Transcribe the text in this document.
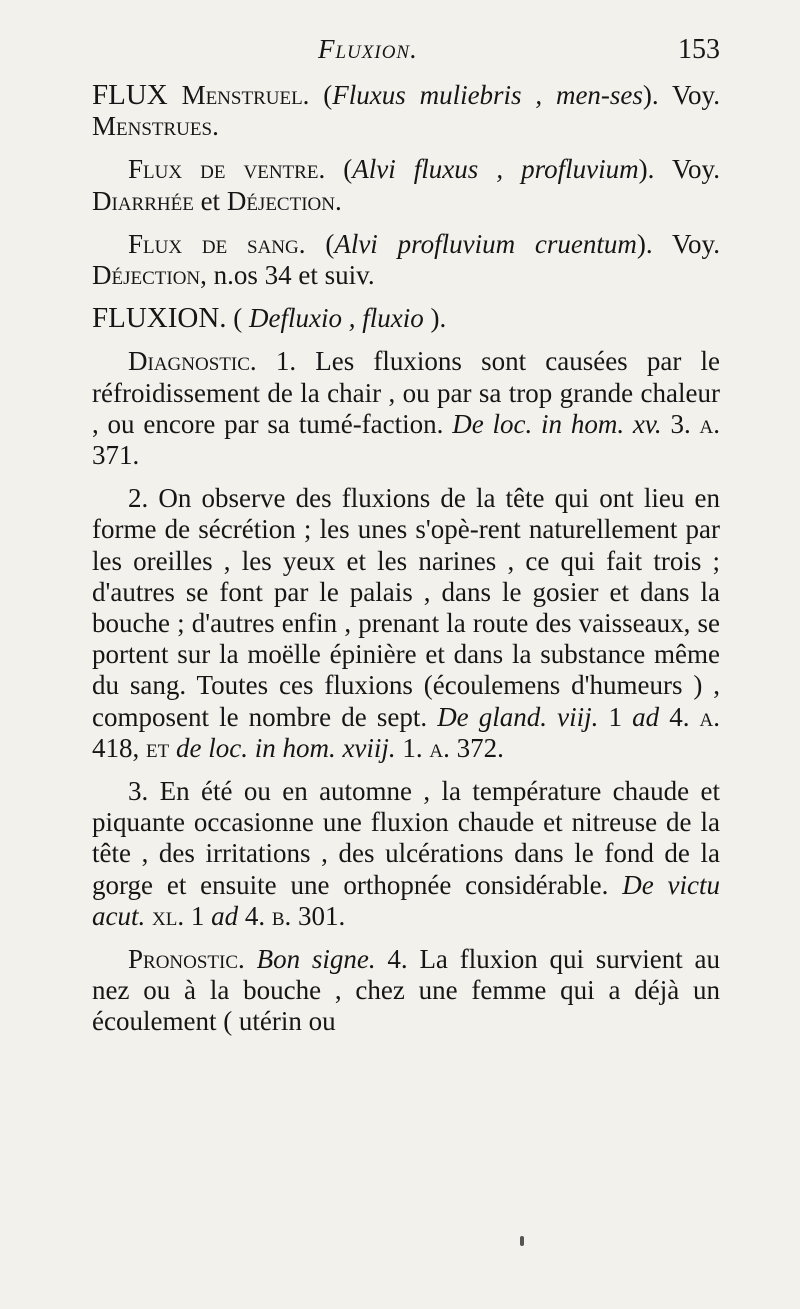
Fluxion.	153

FLUX Menstruel. (Fluxus muliebris , men-ses). Voy. Menstrues.

Flux de ventre. (Alvi fluxus , profluvium). Voy. Diarrhée et Déjection.

Flux de sang. (Alvi profluvium cruentum). Voy. Déjection, n.os 34 et suiv.

FLUXION. ( Defluxio , fluxio ).

Diagnostic. 1. Les fluxions sont causées par le réfroidissement de la chair , ou par sa trop grande chaleur , ou encore par sa tumé-faction. De loc. in hom. xv. 3. a. 371.

2. On observe des fluxions de la tête qui ont lieu en forme de sécrétion ; les unes s'opè-rent naturellement par les oreilles , les yeux et les narines , ce qui fait trois ; d'autres se font par le palais , dans le gosier et dans la bouche ; d'autres enfin , prenant la route des vaisseaux, se portent sur la moëlle épinière et dans la substance même du sang. Toutes ces fluxions (écoulemens d'humeurs ) , composent le nombre de sept. De gland. viij. 1 ad 4. a. 418, et de loc. in hom. xviij. 1. a. 372.

3. En été ou en automne , la température chaude et piquante occasionne une fluxion chaude et nitreuse de la tête , des irritations , des ulcérations dans le fond de la gorge et ensuite une orthopnée considérable. De victu acut. xl. 1 ad 4. b. 301.

Pronostic. Bon signe. 4. La fluxion qui survient au nez ou à la bouche , chez une femme qui a déjà un écoulement ( utérin ou
